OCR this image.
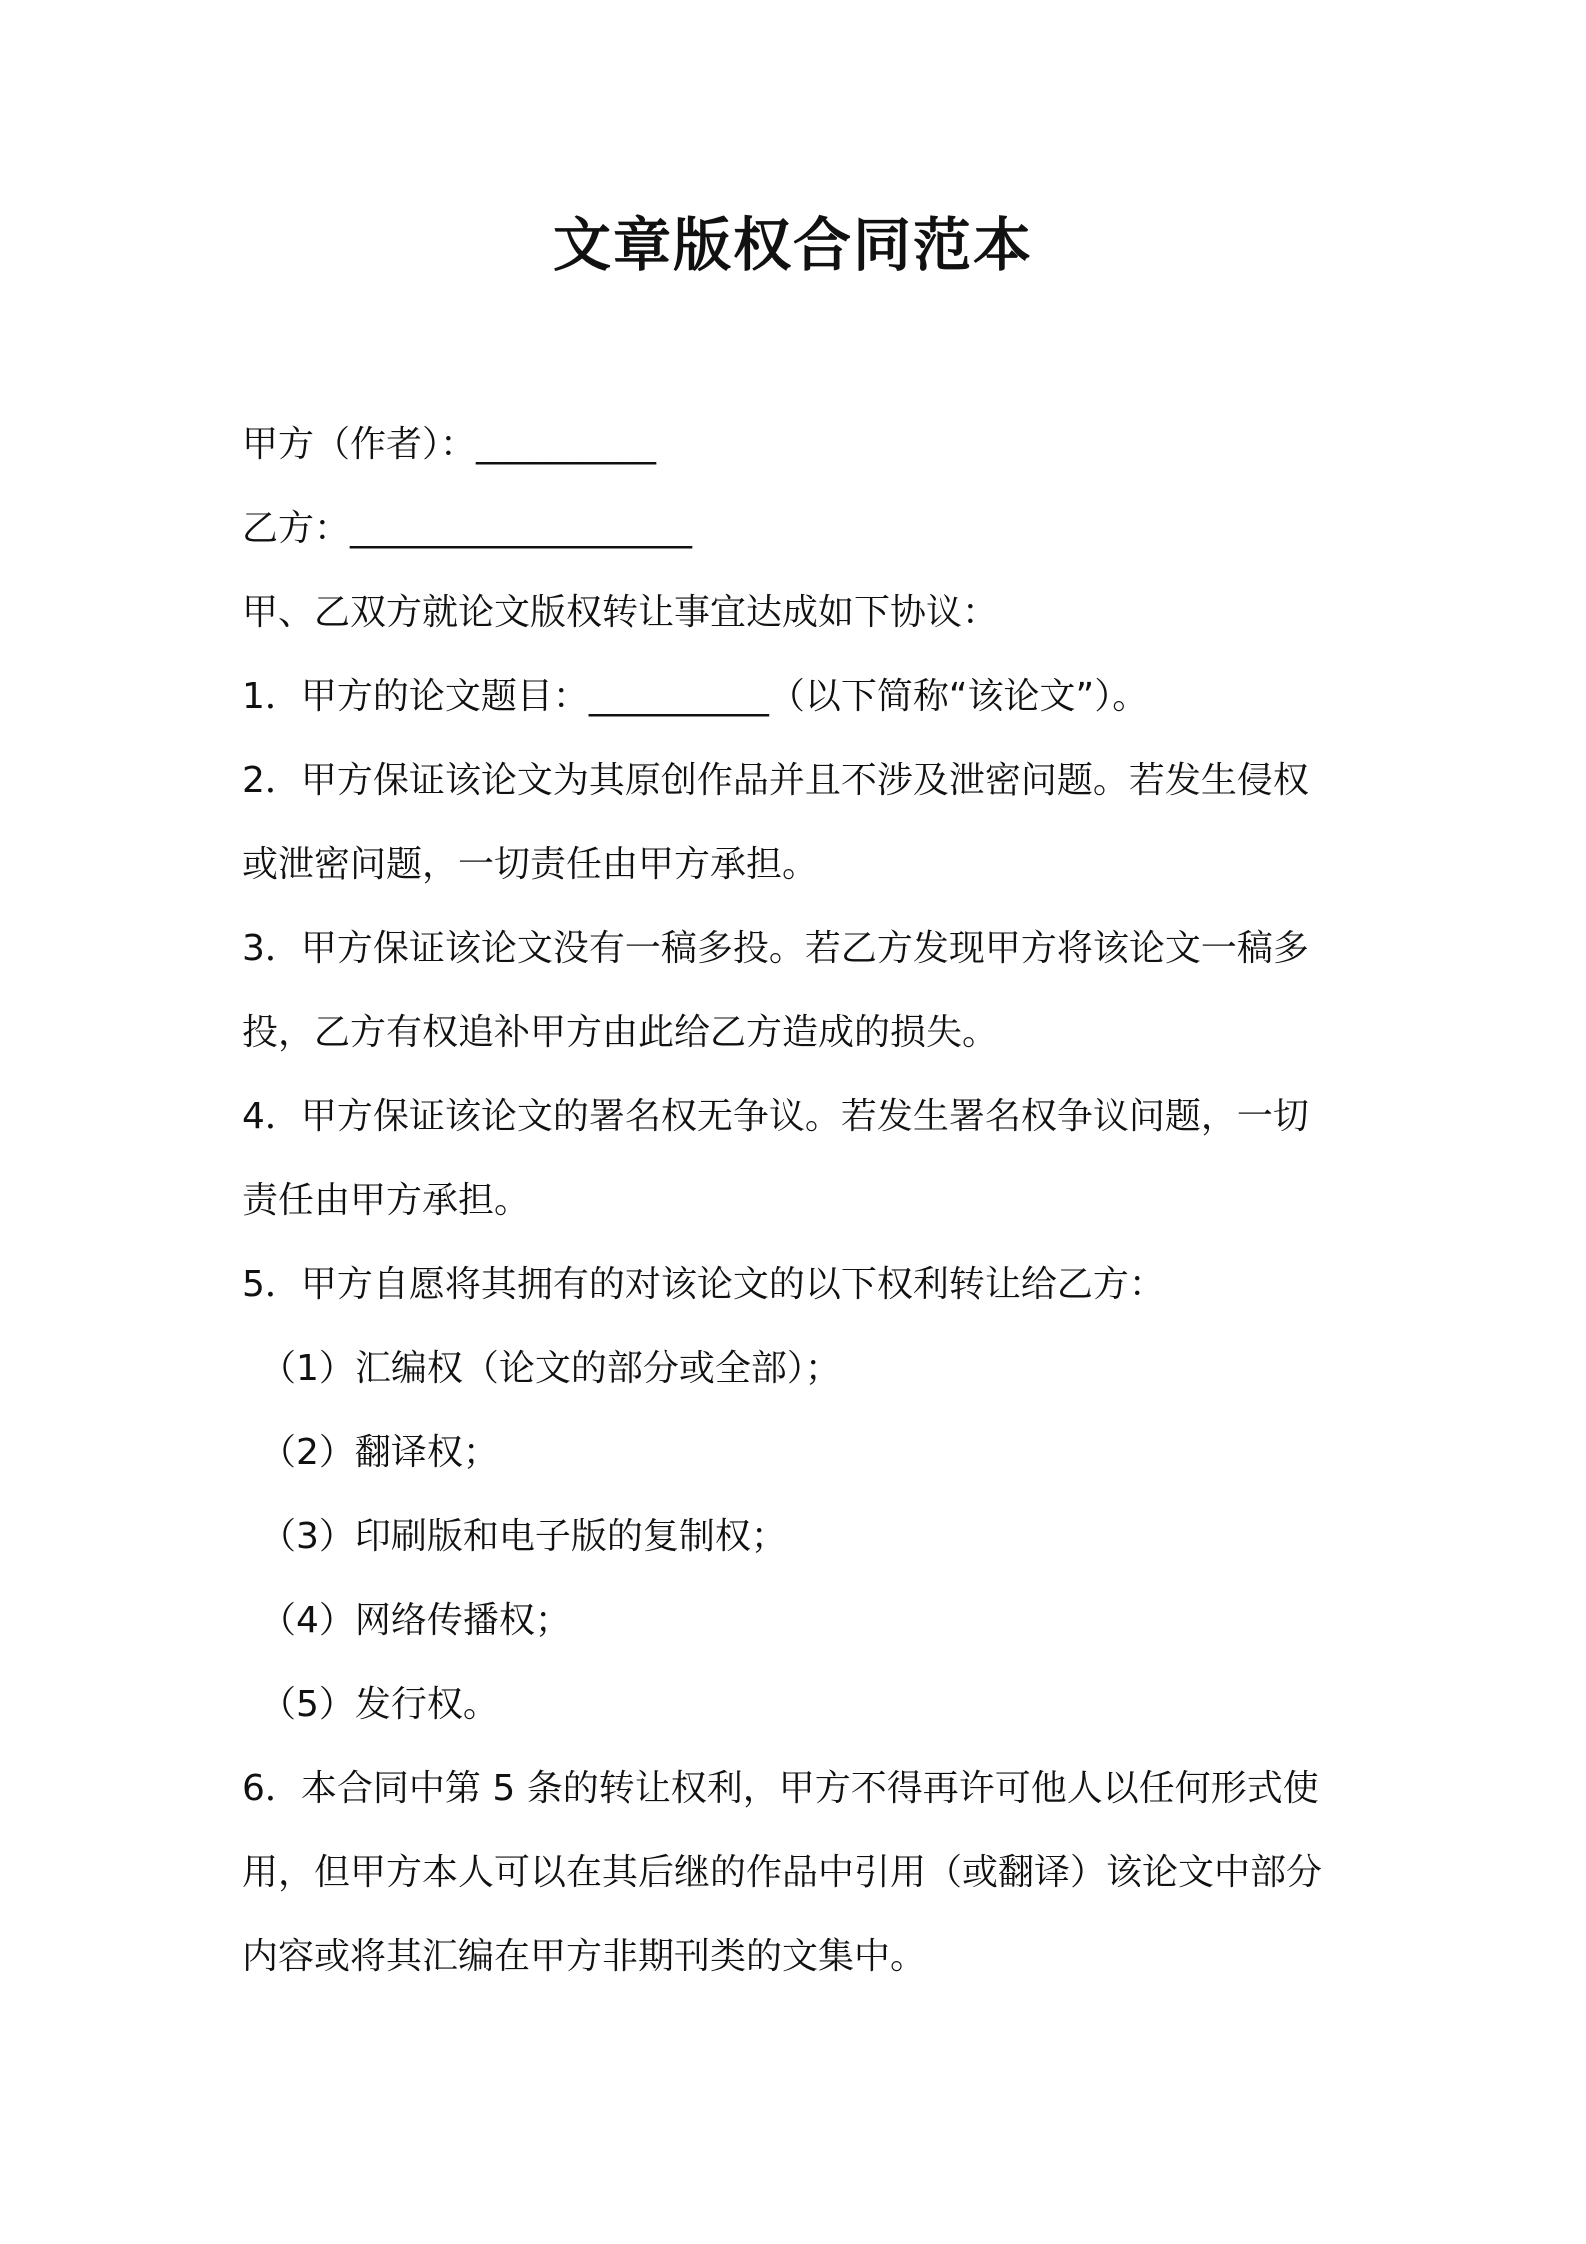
文章版权合同范本

甲方（作者）：__________

乙方：___________________

甲、乙双方就论文版权转让事宜达成如下协议：

1．甲方的论文题目：__________（以下简称“该论文”）。

2．甲方保证该论文为其原创作品并且不涉及泄密问题。若发生侵权

或泄密问题，一切责任由甲方承担。

3．甲方保证该论文没有一稿多投。若乙方发现甲方将该论文一稿多

投，乙方有权追补甲方由此给乙方造成的损失。

4．甲方保证该论文的署名权无争议。若发生署名权争议问题，一切

责任由甲方承担。

5．甲方自愿将其拥有的对该论文的以下权利转让给乙方：

（1）汇编权（论文的部分或全部）；

（2）翻译权；

（3）印刷版和电子版的复制权；

（4）网络传播权；

（5）发行权。

6．本合同中第 5 条的转让权利，甲方不得再许可他人以任何形式使

用，但甲方本人可以在其后继的作品中引用（或翻译）该论文中部分

内容或将其汇编在甲方非期刊类的文集中。
